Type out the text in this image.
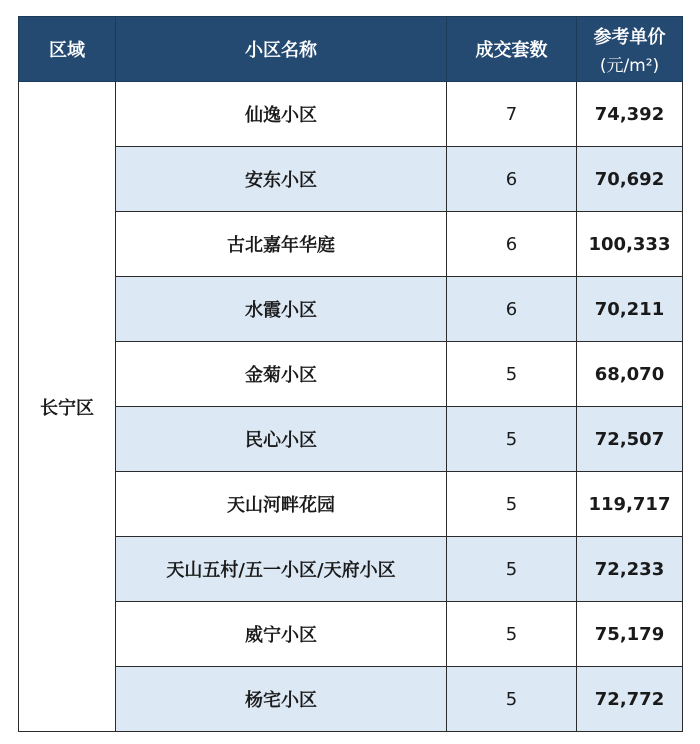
区域	小区名称	成交套数	参考单价
(元/m²)

长宁区	仙逸小区	7	74,392
	安东小区	6	70,692
	古北嘉年华庭	6	100,333
	水霞小区	6	70,211
	金菊小区	5	68,070
	民心小区	5	72,507
	天山河畔花园	5	119,717
	天山五村/五一小区/天府小区	5	72,233
	威宁小区	5	75,179
	杨宅小区	5	72,772
